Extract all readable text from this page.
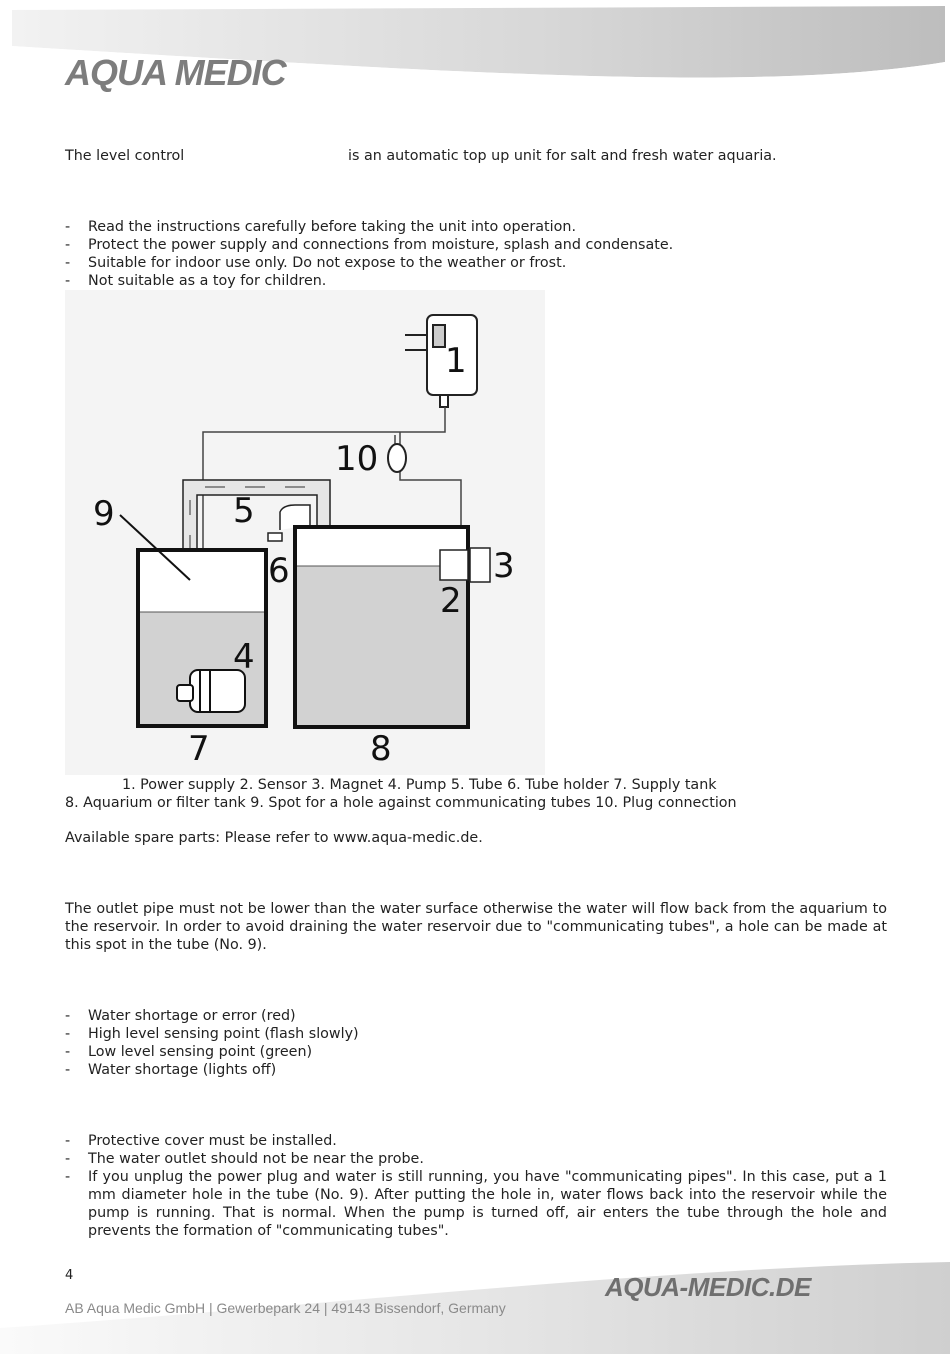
AQUA MEDIC
The level control	is an automatic top up unit for salt and fresh water aquaria.
- Read the instructions carefully before taking the unit into operation.
- Protect the power supply and connections from moisture, splash and condensate.
- Suitable for indoor use only. Do not expose to the weather or frost.
- Not suitable as a toy for children.
1
2
3
4
5
6
7	8
9
10
1. Power supply 2. Sensor 3. Magnet 4. Pump 5. Tube 6. Tube holder 7. Supply tank
8. Aquarium or filter tank 9. Spot for a hole against communicating tubes 10. Plug connection
Available spare parts: Please refer to www.aqua-medic.de.
The outlet pipe must not be lower than the water surface otherwise the water will flow back from the aquarium to the reservoir. In order to avoid draining the water reservoir due to "communicating tubes", a hole can be made at this spot in the tube (No. 9).
- Water shortage or error (red)
- High level sensing point (flash slowly)
- Low level sensing point (green)
- Water shortage (lights off)
- Protective cover must be installed.
- The water outlet should not be near the probe.
- If you unplug the power plug and water is still running, you have "communicating pipes". In this case, put a 1 mm diameter hole in the tube (No. 9). After putting the hole in, water flows back into the reservoir while the pump is running. That is normal. When the pump is turned off, air enters the tube through the hole and prevents the formation of "communicating tubes".
4	AQUA-MEDIC.DE
AB Aqua Medic GmbH | Gewerbepark 24 | 49143 Bissendorf, Germany
